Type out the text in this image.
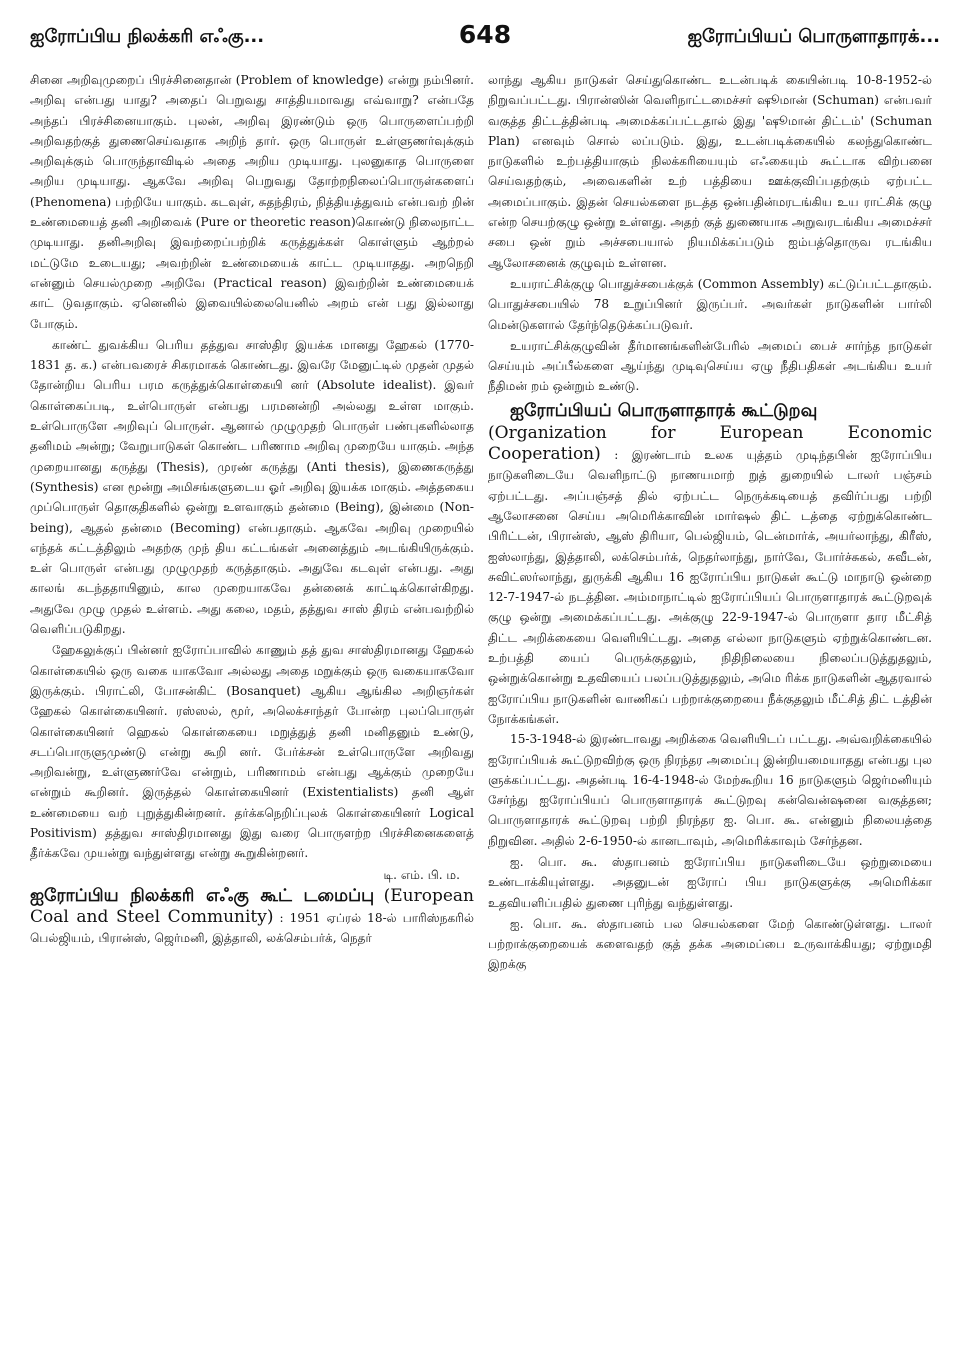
ஐரோப்பிய நிலக்கரி எஃகு...	648	ஐரோப்பியப் பொருளாதாரக்...

சினை அறிவுமுறைப் பிரச்சினைதான் (Problem of knowledge) என்று நம்பினர். அறிவு என்பது யாது? அதைப் பெறுவது சாத்தியமாவது எவ்வாறு? என்பதே அந்தப் பிரச்சினையாகும். புலன், அறிவு இரண்டும் ஒரு பொருளைப்பற்றி அறிவதற்குத் துணைசெய்வதாக அறிந் தார். ஒரு பொருள் உள்ளுணர்வுக்கும் அறிவுக்கும் பொருந்தாவிடில் அதை அறிய முடியாது. புலனுகாத பொருளை அறிய முடியாது. ஆகவே அறிவு பெறுவது தோற்றநிலைப்பொருள்களைப் (Phenomena) பற்றியே யாகும். கடவுள், சுதந்திரம், நித்தியத்துவம் என்பவற் றின் உண்மையைத் தனி அறிவைக் (Pure or theoretic reason)கொண்டு நிலைநாட்ட முடியாது. தனிஅறிவு இவற்றைப்பற்றிக் கருத்துக்கள் கொள்ளும் ஆற்றல் மட்டுமே உடையது; அவற்றின் உண்மையைக் காட்ட முடியாதது. அறநெறி என்னும் செயல்முறை அறிவே (Practical reason) இவற்றின் உண்மையைக் காட் டுவதாகும். ஏனெனில் இவையில்லையெனில் அறம் என் பது இல்லாது போகும்.

காண்ட் துவக்கிய பெரிய தத்துவ சாஸ்திர இயக்க மானது ஹேகல் (1770-1831 த. க.) என்பவரைச் சிகரமாகக் கொண்டது. இவரே மேனுட்டில் முதன் முதல் தோன்றிய பெரிய பரம கருத்துக்கொள்கையி னர் (Absolute idealist). இவர் கொள்கைப்படி, உள்பொருள் என்பது பரமனன்றி அல்லது உள்ள மாகும். உள்பொருளே அறிவுப் பொருள். ஆனால் முழுமுதற் பொருள் பண்புகளில்லாத தனிமம் அன்று; வேறுபாடுகள் கொண்ட பரிணாம அறிவு முறையே யாகும். அந்த முறையானது கருத்து (Thesis), முரண் கருத்து (Anti thesis), இணைகருத்து (Synthesis) என மூன்று அமிசங்களுடைய ஓர் அறிவு இயக்க மாகும். அத்தகைய முப்பொருள் தொகுதிகளில் ஒன்று உளவாகும் தன்மை (Being), இன்மை (Non-being), ஆதல் தன்மை (Becoming) என்பதாகும். ஆகவே அறிவு முறையில் எந்தக் கட்டத்திலும் அதற்கு முந் திய கட்டங்கள் அனைத்தும் அடங்கியிருக்கும். உள் பொருள் என்பது முழுமுதற் கருத்தாகும். அதுவே கடவுள் என்பது. அது காலங் கடந்ததாயினும், கால முறையாகவே தன்னைக் காட்டிக்கொள்கிறது. அதுவே முழு முதல் உள்ளம். அது கலை, மதம், தத்துவ சாஸ் திரம் என்பவற்றில் வெளிப்படுகிறது.

ஹேகலுக்குப் பின்னர் ஐரோப்பாவில் காணும் தத் துவ சாஸ்திரமானது ஹேகல் கொள்கையில் ஒரு வகை யாகவோ அல்லது அதை மறுக்கும் ஒரு வகையாகவோ இருக்கும். பிராட்லி, போசன்கிட் (Bosanquet) ஆகிய ஆங்கில அறிஞர்கள் ஹேகல் கொள்கையினர். ரஸ்ஸல், மூர், அலெக்சாந்தர் போன்ற புலப்பொருள் கொள்கையினர் ஹெகல் கொள்கையை மறுத்துத் தனி மனிதனும் உண்டு, சடப்பொருளுமுண்டு என்று கூறி னர். பேர்க்சன் உள்பொருளே அறிவது அறிவன்று, உள்ளுணர்வே என்றும், பரிணாமம் என்பது ஆக்கும் முறையே என்றும் கூறினர். இருத்தல் கொள்கையினர் (Existentialists) தனி ஆள் உண்மையை வற் புறுத்துகின்றனர். தர்க்கநெறிப்புலக் கொள்கையினர் Logical Positivism) தத்துவ சாஸ்திரமானது இது வரை பொருளற்ற பிரச்சினைகளைத் தீர்க்கவே முயன்று வந்துள்ளது என்று கூறுகின்றனர்.

டி. எம். பி. ம.

ஐரோப்பிய நிலக்கரி எஃகு கூட் டமைப்பு (European Coal and Steel Community) : 1951 ஏப்ரல் 18-ல் பாரிஸ்நகரில் பெல்ஜியம், பிரான்ஸ், ஜெர்மனி, இத்தாலி, லக்செம்பர்க், நெதர்

லாந்து ஆகிய நாடுகள் செய்துகொண்ட உடன்படிக் கையின்படி 10-8-1952-ல் நிறுவப்பட்டது. பிரான்ஸின் வெளிநாட்டமைச்சர் ஷூமான் (Schuman) என்பவர் வகுத்த திட்டத்தின்படி அமைக்கப்பட்டதால் இது 'ஷூமான் திட்டம்' (Schuman Plan) எனவும் சொல் லப்படும். இது, உடன்படிக்கையில் கலந்துகொண்ட நாடுகளில் உற்பத்தியாகும் நிலக்கரியையும் எஃகையும் கூட்டாக விற்பனை செய்வதற்கும், அவைகளின் உற் பத்தியை ஊக்குவிப்பதற்கும் ஏற்பட்ட அமைப்பாகும். இதன் செயல்களை நடத்த ஒன்பதின்மரடங்கிய உய ராட்சிக் குழு என்ற செயற்குழு ஒன்று உள்ளது. அதற் குத் துணையாக அறுவரடங்கிய அமைச்சர் சபை ஒன் றும் அச்சபையால் நியமிக்கப்படும் ஐம்பத்தொருவ ரடங்கிய ஆலோசனைக் குழுவும் உள்ளன.

உயராட்சிக்குழு பொதுச்சபைக்குக் (Common Assembly) கட்டுப்பட்டதாகும். பொதுச்சபையில் 78 உறுப்பினர் இருப்பர். அவர்கள் நாடுகளின் பார்லி மென்டுகளால் தேர்ந்தெடுக்கப்படுவர்.

உயராட்சிக்குழுவின் தீர்மானங்களின்பேரில் அமைப் பைச் சார்ந்த நாடுகள் செய்யும் அப்பீல்களை ஆய்ந்து முடிவுசெய்ய ஏழு நீதிபதிகள் அடங்கிய உயர் நீதிமன் றம் ஒன்றும் உண்டு.

ஐரோப்பியப் பொருளாதாரக் கூட்டுறவு
(Organization for European Economic Cooperation) : இரண்டாம் உலக யுத்தம் முடிந்தபின் ஐரோப்பிய நாடுகளிடையே வெளிநாட்டு நாணயமாற் றுத் துறையில் டாலர் பஞ்சம் ஏற்பட்டது. அப்பஞ்சத் தில் ஏற்பட்ட நெருக்கடியைத் தவிர்ப்பது பற்றி ஆலோசனை செய்ய அமெரிக்காவின் மார்ஷல் திட் டத்தை ஏற்றுக்கொண்ட பிரிட்டன், பிரான்ஸ், ஆஸ் திரியா, பெல்ஜியம், டென்மார்க், அயர்லாந்து, கிரீஸ், ஐஸ்லாந்து, இத்தாலி, லக்செம்பர்க், நெதர்லாந்து, நார்வே, போர்ச்சுகல், சுவீடன், சுவிட்ஸர்லாந்து, துருக்கி ஆகிய 16 ஐரோப்பிய நாடுகள் கூட்டு மாநாடு ஒன்றை 12-7-1947-ல் நடத்தின. அம்மாநாட்டில் ஐரோப்பியப் பொருளாதாரக் கூட்டுறவுக் குழு ஒன்று அமைக்கப்பட்டது. அக்குழு 22-9-1947-ல் பொருளா தார மீட்சித் திட்ட அறிக்கையை வெளியிட்டது. அதை எல்லா நாடுகளும் ஏற்றுக்கொண்டன. உற்பத்தி யைப் பெருக்குதலும், நிதிநிலையை நிலைப்படுத்துதலும், ஒன்றுக்கொன்று உதவியைப் பலப்படுத்துதலும், அமெ ரிக்க நாடுகளின் ஆதரவால் ஐரோப்பிய நாடுகளின் வாணிகப் பற்றாக்குறையை நீக்குதலும் மீட்சித் திட் டத்தின் நோக்கங்கள்.

15-3-1948-ல் இரண்டாவது அறிக்கை வெளியிடப் பட்டது. அவ்வறிக்கையில் ஐரோப்பியக் கூட்டுறவிற்கு ஒரு நிரந்தர அமைப்பு இன்றியமையாதது என்பது புல ளுக்கப்பட்டது. அதன்படி 16-4-1948-ல் மேற்கூறிய 16 நாடுகளும் ஜெர்மனியும் சேர்ந்து ஐரோப்பியப் பொருளாதாரக் கூட்டுறவு கன்வென்ஷனை வகுத்தன; பொருளாதாரக் கூட்டுறவு பற்றி நிரந்தர ஐ. பொ. கூ. என்னும் நிலையத்தை நிறுவின. அதில் 2-6-1950-ல் கானடாவும், அமெரிக்காவும் சேர்ந்தன.

ஐ. பொ. கூ. ஸ்தாபனம் ஐரோப்பிய நாடுகளிடையே ஒற்றுமையை உண்டாக்கியுள்ளது. அதனுடன் ஐரோப் பிய நாடுகளுக்கு அமெரிக்கா உதவியளிப்பதில் துணை புரிந்து வந்துள்ளது.

ஐ. பொ. கூ. ஸ்தாபனம் பல செயல்களை மேற் கொண்டுள்ளது. டாலர் பற்றாக்குறையைக் களைவதற் குத் தக்க அமைப்பை உருவாக்கியது; ஏற்றுமதி இறக்கு
